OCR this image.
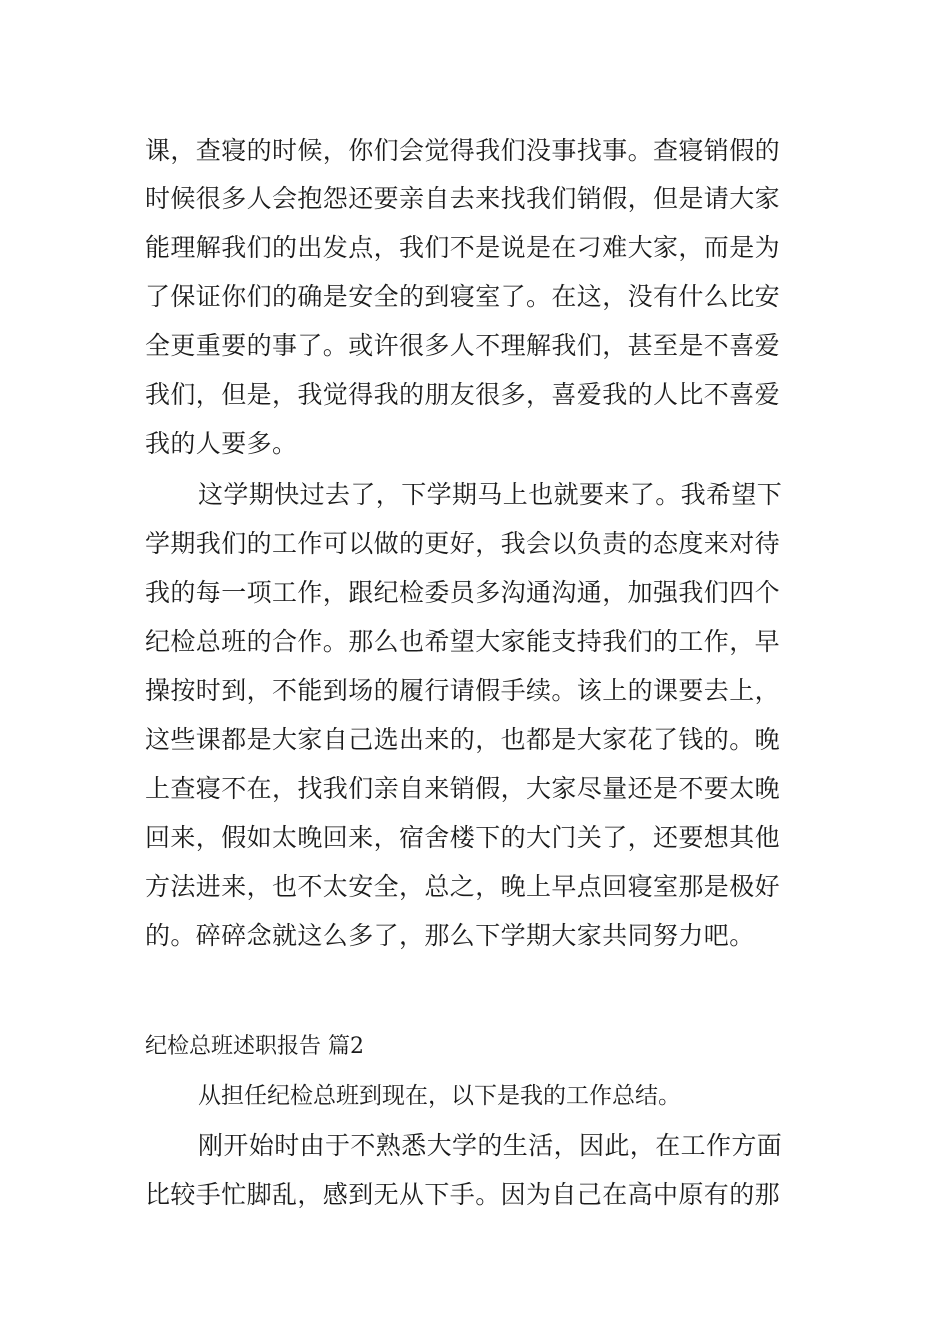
课，查寝的时候，你们会觉得我们没事找事。查寝销假的
时候很多人会抱怨还要亲自去来找我们销假，但是请大家
能理解我们的出发点，我们不是说是在刁难大家，而是为
了保证你们的确是安全的到寝室了。在这，没有什么比安
全更重要的事了。或许很多人不理解我们，甚至是不喜爱
我们，但是，我觉得我的朋友很多，喜爱我的人比不喜爱
我的人要多。
这学期快过去了，下学期马上也就要来了。我希望下
学期我们的工作可以做的更好，我会以负责的态度来对待
我的每一项工作，跟纪检委员多沟通沟通，加强我们四个
纪检总班的合作。那么也希望大家能支持我们的工作，早
操按时到，不能到场的履行请假手续。该上的课要去上，
这些课都是大家自己选出来的，也都是大家花了钱的。晚
上查寝不在，找我们亲自来销假，大家尽量还是不要太晚
回来，假如太晚回来，宿舍楼下的大门关了，还要想其他
方法进来，也不太安全，总之，晚上早点回寝室那是极好
的。碎碎念就这么多了，那么下学期大家共同努力吧。
纪检总班述职报告 篇2
从担任纪检总班到现在，以下是我的工作总结。
刚开始时由于不熟悉大学的生活，因此，在工作方面
比较手忙脚乱，感到无从下手。因为自己在高中原有的那
